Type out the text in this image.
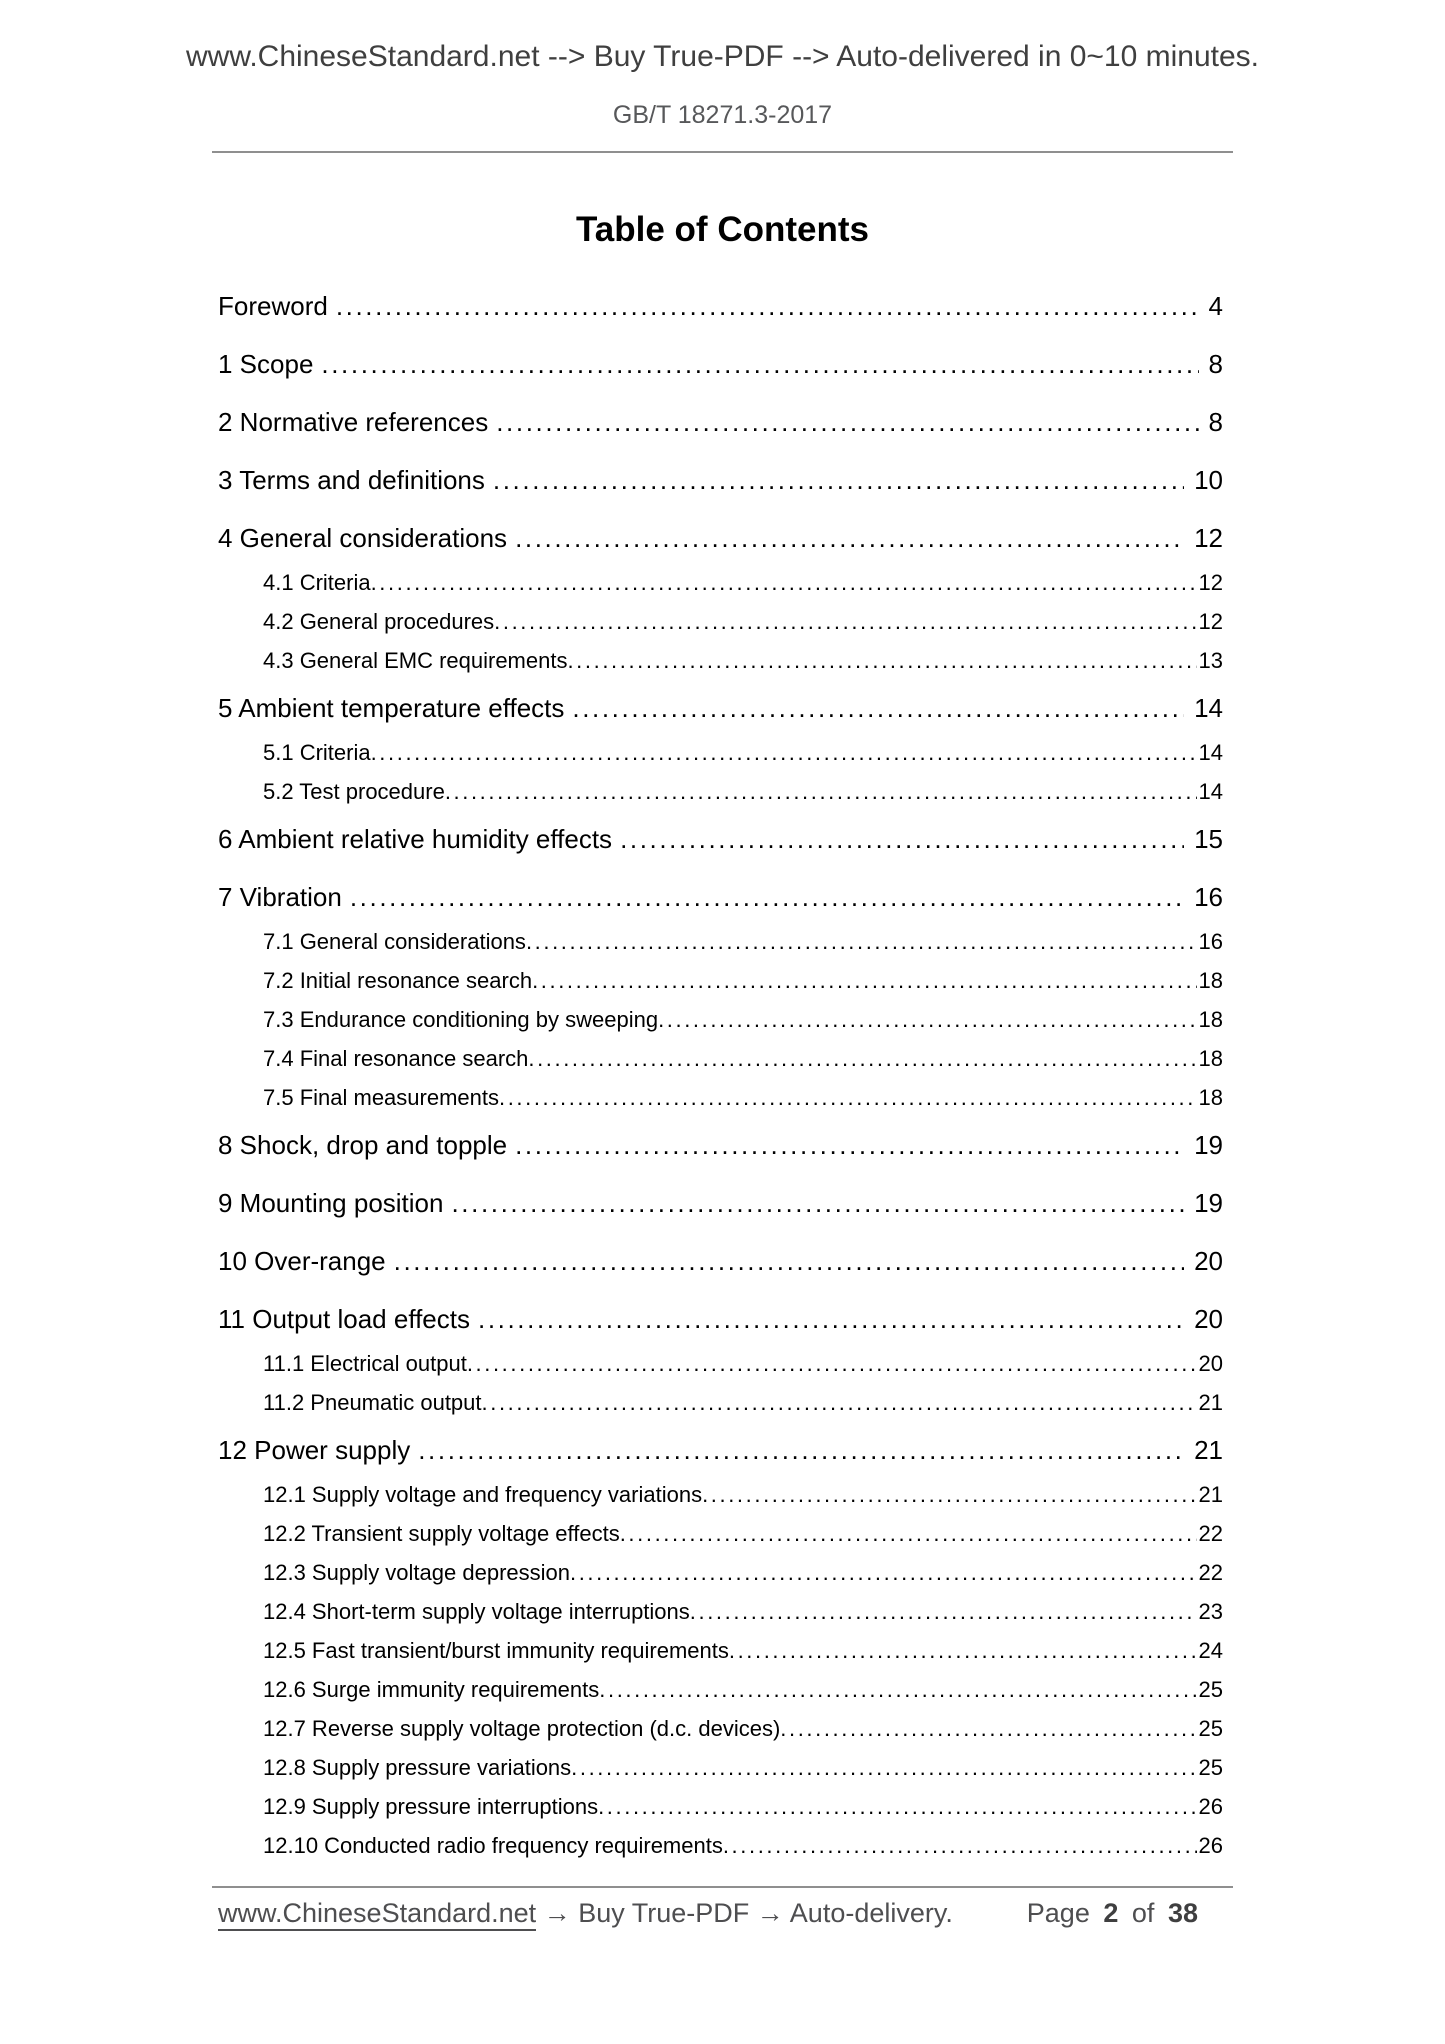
www.ChineseStandard.net --> Buy True-PDF --> Auto-delivered in 0~10 minutes.
GB/T 18271.3-2017
Table of Contents
Foreword .....	4
1 Scope .....	8
2 Normative references .....	8
3 Terms and definitions .....	10
4 General considerations .....	12
4.1 Criteria .....	12
4.2 General procedures .....	12
4.3 General EMC requirements .....	13
5 Ambient temperature effects .....	14
5.1 Criteria .....	14
5.2 Test procedure .....	14
6 Ambient relative humidity effects .....	15
7 Vibration .....	16
7.1 General considerations .....	16
7.2 Initial resonance search .....	18
7.3 Endurance conditioning by sweeping .....	18
7.4 Final resonance search .....	18
7.5 Final measurements .....	18
8 Shock, drop and topple .....	19
9 Mounting position .....	19
10 Over-range .....	20
11 Output load effects .....	20
11.1 Electrical output .....	20
11.2 Pneumatic output .....	21
12 Power supply .....	21
12.1 Supply voltage and frequency variations .....	21
12.2 Transient supply voltage effects .....	22
12.3 Supply voltage depression .....	22
12.4 Short-term supply voltage interruptions .....	23
12.5 Fast transient/burst immunity requirements .....	24
12.6 Surge immunity requirements .....	25
12.7 Reverse supply voltage protection (d.c. devices) .....	25
12.8 Supply pressure variations .....	25
12.9 Supply pressure interruptions .....	26
12.10 Conducted radio frequency requirements .....	26
www.ChineseStandard.net → Buy True-PDF → Auto-delivery.	Page 2 of 38
